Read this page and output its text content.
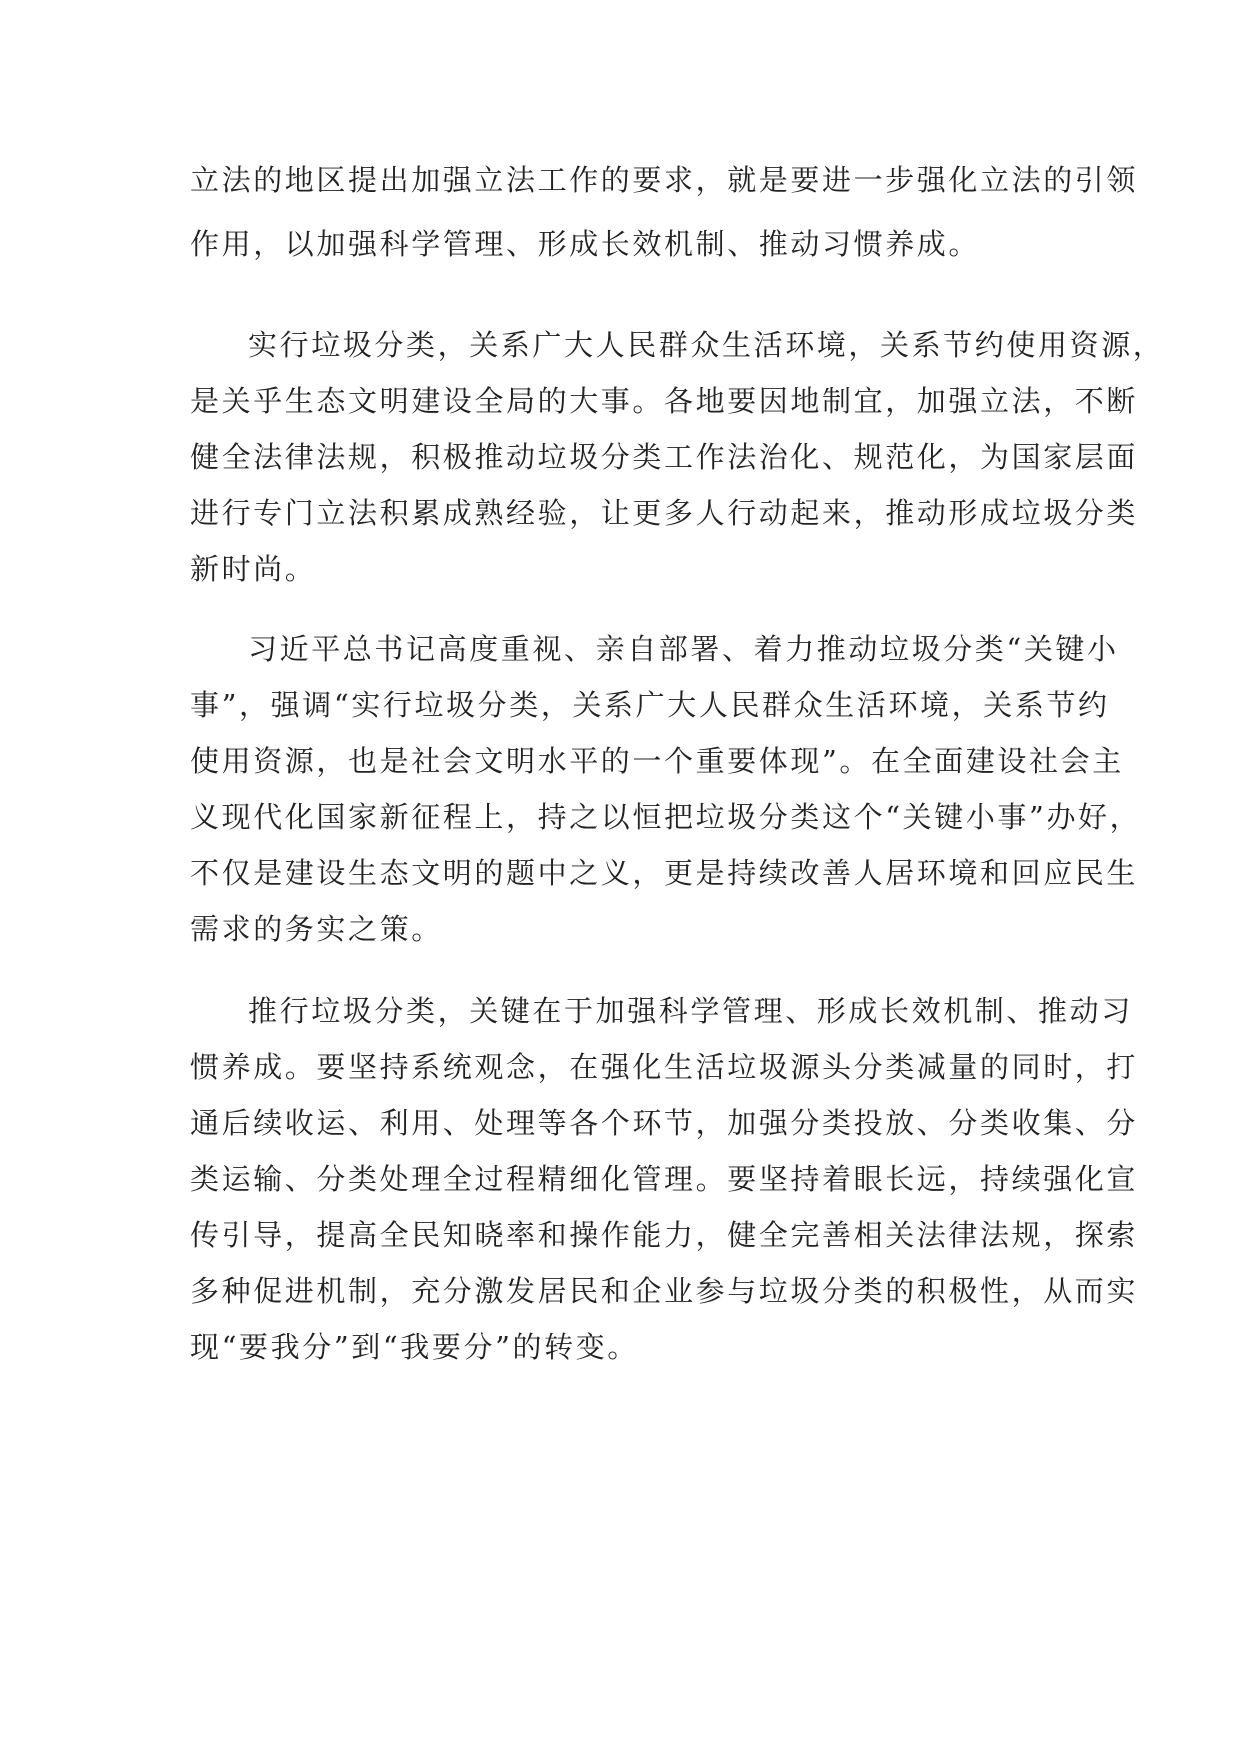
立法的地区提出加强立法工作的要求，就是要进一步强化立法的引领
作用，以加强科学管理、形成长效机制、推动习惯养成。
实行垃圾分类，关系广大人民群众生活环境，关系节约使用资源，
是关乎生态文明建设全局的大事。各地要因地制宜，加强立法，不断
健全法律法规，积极推动垃圾分类工作法治化、规范化，为国家层面
进行专门立法积累成熟经验，让更多人行动起来，推动形成垃圾分类
新时尚。
习近平总书记高度重视、亲自部署、着力推动垃圾分类“关键小
事”，强调“实行垃圾分类，关系广大人民群众生活环境，关系节约
使用资源，也是社会文明水平的一个重要体现”。在全面建设社会主
义现代化国家新征程上，持之以恒把垃圾分类这个“关键小事”办好，
不仅是建设生态文明的题中之义，更是持续改善人居环境和回应民生
需求的务实之策。
推行垃圾分类，关键在于加强科学管理、形成长效机制、推动习
惯养成。要坚持系统观念，在强化生活垃圾源头分类减量的同时，打
通后续收运、利用、处理等各个环节，加强分类投放、分类收集、分
类运输、分类处理全过程精细化管理。要坚持着眼长远，持续强化宣
传引导，提高全民知晓率和操作能力，健全完善相关法律法规，探索
多种促进机制，充分激发居民和企业参与垃圾分类的积极性，从而实
现“要我分”到“我要分”的转变。
